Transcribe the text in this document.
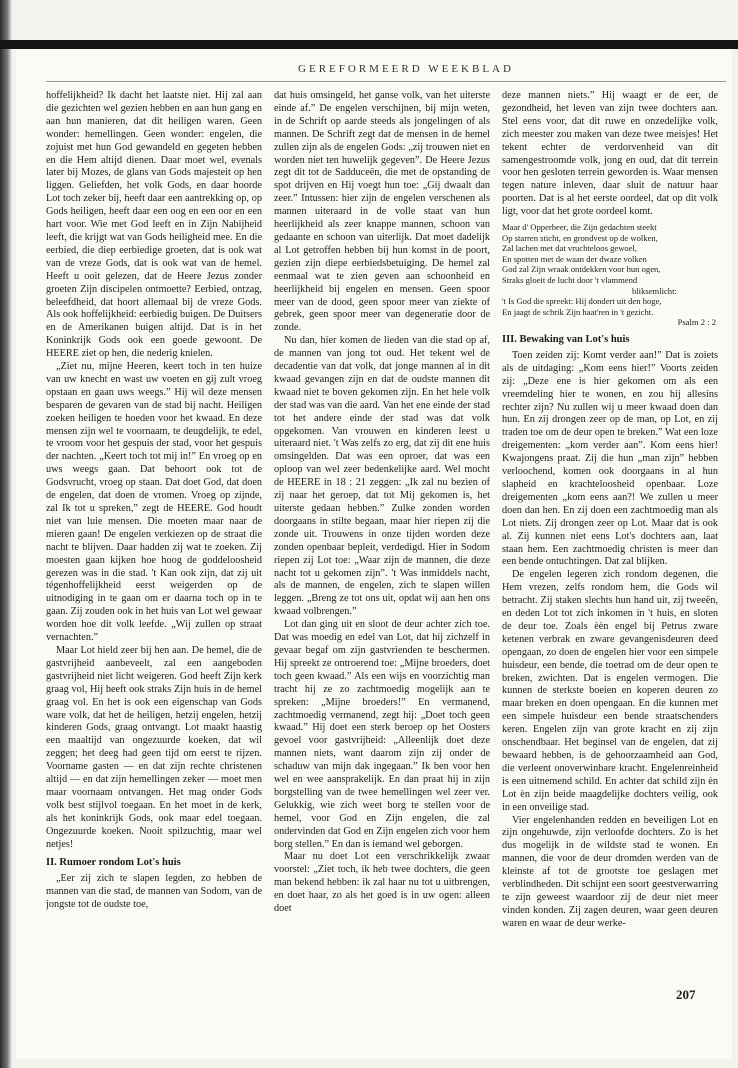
GEREFORMEERD WEEKBLAD

hoffelijkheid? Ik dacht het laatste niet. Hij zal aan die gezichten wel gezien hebben en aan hun gang en aan hun manieren, dat dit heiligen waren. Geen wonder: hemellingen. Geen wonder: engelen, die zojuist met hun God gewandeld en gegeten hebben en die Hem altijd dienen. Daar moet wel, evenals later bij Mozes, de glans van Gods majesteit op hen liggen. Geliefden, het volk Gods, en daar hoorde Lot toch zeker bij, heeft daar een aantrekking op, op Gods heiligen, heeft daar een oog en een oor en een hart voor. Wie met God leeft en in Zijn Nabijheid leeft, die krijgt wat van Gods heiligheid mee. En die eerbied, die diep eerbiedige groeten, dat is ook wat van de vreze Gods, dat is ook wat van de hemel. Heeft u ooit gelezen, dat de Heere Jezus zonder groeten Zijn discipelen ontmoette? Eerbied, ontzag, beleefdheid, dat hoort allemaal bij de vreze Gods. Als ook hoffelijkheid: eerbiedig buigen. De Duitsers en de Amerikanen buigen altijd. Dat is in het Koninkrijk Gods ook een goede gewoont. De HEERE ziet op hen, die nederig knielen.

„Ziet nu, mijne Heeren, keert toch in ten huize van uw knecht en wast uw voeten en gij zult vroeg opstaan en gaan uws weegs.” Hij wil deze mensen besparen de gevaren van de stad bij nacht. Heiligen zoeken heiligen te hoeden voor het kwaad. En deze mensen zijn wel te voornaam, te deugdelijk, te edel, te vroom voor het gespuis der stad, voor het gespuis der nachten. „Keert toch tot mij in!” En vroeg op en uws weegs gaan. Dat behoort ook tot de Godsvrucht, vroeg op staan. Dat doet God, dat doen de engelen, dat doen de vromen. Vroeg op zijnde, zal Ik tot u spreken,” zegt de HEERE. God houdt niet van luie mensen. Die moeten maar naar de mieren gaan! De engelen verkiezen op de straat die nacht te blijven. Daar hadden zij wat te zoeken. Zij moesten gaan kijken hoe hoog de goddeloosheid gerezen was in die stad. 't Kan ook zijn, dat zij uit tégenhoffelijkheid eerst weigerden op de uitnodiging in te gaan om er daarna toch op in te gaan. Zij zouden ook in het huis van Lot wel gewaar worden hoe dit volk leefde. „Wij zullen op straat vernachten.”

Maar Lot hield zeer bij hen aan. De hemel, die de gastvrijheid aanbeveelt, zal een aangeboden gastvrijheid niet licht weigeren. God heeft Zijn kerk graag vol, Hij heeft ook straks Zijn huis in de hemel graag vol. En het is ook een eigenschap van Gods ware volk, dat het de heiligen, hetzij engelen, hetzij kinderen Gods, graag ontvangt. Lot maakt haastig een maaltijd van ongezuurde koeken, dat wil zeggen; het deeg had geen tijd om eerst te rijzen. Voorname gasten — en dat zijn rechte christenen altijd — en dat zijn hemellingen zeker — moet men maar voornaam ontvangen. Het mag onder Gods volk best stijlvol toegaan. En het moet in de kerk, als het koninkrijk Gods, ook maar edel toegaan. Ongezuurde koeken. Nooit spilzuchtig, maar wel netjes!

II. Rumoer rondom Lot's huis

„Eer zij zich te slapen legden, zo hebben de mannen van die stad, de mannen van Sodom, van de jongste tot de oudste toe,

dat huis omsingeld, het ganse volk, van het uiterste einde af.” De engelen verschijnen, bij mijn weten, in de Schrift op aarde steeds als jongelingen of als mannen. De Schrift zegt dat de mensen in de hemel zullen zijn als de engelen Gods: „zij trouwen niet en worden niet ten huwelijk gegeven”. De Heere Jezus zegt dit tot de Sadduceën, die met de opstanding de spot drijven en Hij voegt hun toe: „Gij dwaalt dan zeer.” Intussen: hier zijn de engelen verschenen als mannen uiteraard in de volle staat van hun heerlijkheid als zeer knappe mannen, schoon van gedaante en schoon van uiterlijk. Dat moet dadelijk al Lot getroffen hebben bij hun komst in de poort, gezien zijn diepe eerbiedsbetuiging. De hemel zal eenmaal wat te zien geven aan schoonheid en heerlijkheid bij engelen en mensen. Geen spoor meer van de dood, geen spoor meer van ziekte of gebrek, geen spoor meer van degeneratie door de zonde.

Nu dan, hier komen de lieden van die stad op af, de mannen van jong tot oud. Het tekent wel de decadentie van dat volk, dat jonge mannen al in dit kwaad gevangen zijn en dat de oudste mannen dit kwaad niet te boven gekomen zijn. En het hele volk der stad was van die aard. Van het ene einde der stad tot het andere einde der stad was dat volk opgekomen. Van vrouwen en kinderen leest u uiteraard niet. 't Was zelfs zo erg, dat zij dit ene huis omsingelden. Dat was een oproer, dat was een oploop van wel zeer bedenkelijke aard. Wel mocht de HEERE in 18 : 21 zeggen: „Ik zal nu bezien of zij naar het geroep, dat tot Mij gekomen is, het uiterste gedaan hebben.” Zulke zonden worden doorgaans in stilte begaan, maar hier riepen zij die zonde uit. Trouwens in onze tijden worden deze zonden openbaar bepleit, verdedigd. Hier in Sodom riepen zij Lot toe: „Waar zijn de mannen, die deze nacht tot u gekomen zijn”. 't Was inmiddels nacht, als de mannen, de engelen, zich te slapen willen leggen. „Breng ze tot ons uit, opdat wij aan hen ons kwaad volbrengen.”

Lot dan ging uit en sloot de deur achter zich toe. Dat was moedig en edel van Lot, dat hij zichzelf in gevaar begaf om zijn gastvrienden te beschermen. Hij spreekt ze ontroerend toe: „Mijne broeders, doet toch geen kwaad.” Als een wijs en voorzichtig man tracht hij ze zo zachtmoedig mogelijk aan te spreken: „Mijne broeders!” En vermanend, zachtmoedig vermanend, zegt hij: „Doet toch geen kwaad.” Hij doet een sterk beroep op het Oosters gevoel voor gastvrijheid: „Alleenlijk doet deze mannen niets, want daarom zijn zij onder de schaduw van mijn dak ingegaan.” Ik ben voor hen wel en wee aansprakelijk. En dan praat hij in zijn borgstelling van de twee hemellingen wel zeer ver. Gelukkig, wie zich weet borg te stellen voor de hemel, voor God en Zijn engelen, die zal ondervinden dat God en Zijn engelen zich voor hem borg stellen.” En dan is iemand wel geborgen.

Maar nu doet Lot een verschrikkelijk zwaar voorstel: „Ziet toch, ik heb twee dochters, die geen man bekend hebben: ik zal haar nu tot u uitbrengen, en doet haar, zo als het goed is in uw ogen: alleen doet

deze mannen niets.” Hij waagt er de eer, de gezondheid, het leven van zijn twee dochters aan. Stel eens voor, dat dit ruwe en onzedelijke volk, zich meester zou maken van deze twee meisjes! Het tekent echter de verdorvenheid van dit samengestroomde volk, jong en oud, dat dit terrein voor hen gesloten terrein geworden is. Waar mensen tegen nature inleven, daar sluit de natuur haar poorten. Dat is al het eerste oordeel, dat op dit volk ligt, voor dat het grote oordeel komt.

Maar d' Opperheer, die Zijn gedachten steekt
Op starren sticht, en grondvest op de wolken,
Zal lachen met dat vruchteloos gewoel,
En spotten met de waan der dwaze volken
God zal Zijn wraak ontdekken voor hun ogen,
Straks gloeit de lucht door 't vlammend
bliksemlicht:
't Is God die spreekt: Hij dondert uit den hoge,
En jaagt de schrik Zijn haat'ren in 't gezicht.
Psalm 2 : 2
III. Bewaking van Lot's huis

Toen zeiden zij: Komt verder aan!” Dat is zoiets als de uitdaging: „Kom eens hier!” Voorts zeiden zij: „Deze ene is hier gekomen om als een vreemdeling hier te wonen, en zou hij allesins rechter zijn? Nu zullen wij u meer kwaad doen dan hun. En zij drongen zeer op de man, op Lot, en zij traden toe om de deur open te breken.” Wat een loze dreigementen: „kom verder aan”. Kom eens hier! Kwajongens praat. Zij die hun „man zijn” hebben verloochend, komen ook doorgaans in al hun slapheid en krachteloosheid openbaar. Loze dreigementen „kom eens aan?! We zullen u meer doen dan hen. En zij doen een zachtmoedig man als Lot niets. Zij drongen zeer op Lot. Maar dat is ook al. Zij kunnen niet eens Lot's dochters aan, laat staan hem. Een zachtmoedig christen is meer dan een bende ontuchtingen. Dat zal blijken.

De engelen legeren zich rondom degenen, die Hem vrezen, zelfs rondom hem, die Gods wil betracht. Zij staken slechts hun hand uit, zij tweeën, en deden Lot tot zich inkomen in 't huis, en sloten de deur toe. Zoals èèn engel bij Petrus zware ketenen verbrak en zware gevangenisdeuren deed opengaan, zo doen de engelen hier voor een simpele huisdeur, een bende, die toetrad om de deur open te breken, zwichten. Dat is engelen vermogen. Die kunnen de sterkste boeien en koperen deuren zo maar breken en doen opengaan. En die kunnen met een simpele huisdeur een bende straatschenders keren. Engelen zijn van grote kracht en zij zijn onschendbaar. Het beginsel van de engelen, dat zij bewaard hebben, is de gehoorzaamheid aan God, die verleent onoverwinbare kracht. Engelenreinheid is een uitnemend schild. En achter dat schild zijn èn Lot èn zijn beide maagdelijke dochters veilig, ook in een onveilige stad.

Vier engelenhanden redden en beveiligen Lot en zijn ongehuwde, zijn verloofde dochters. Zo is het dus mogelijk in de wildste stad te wonen. En mannen, die voor de deur dromden werden van de kleinste af tot de grootste toe geslagen met verblindheden. Dit schijnt een soort geestverwarring te zijn geweest waardoor zij de deur niet meer vinden konden. Zij zagen deuren, waar geen deuren waren en waar de deur werke-

207
